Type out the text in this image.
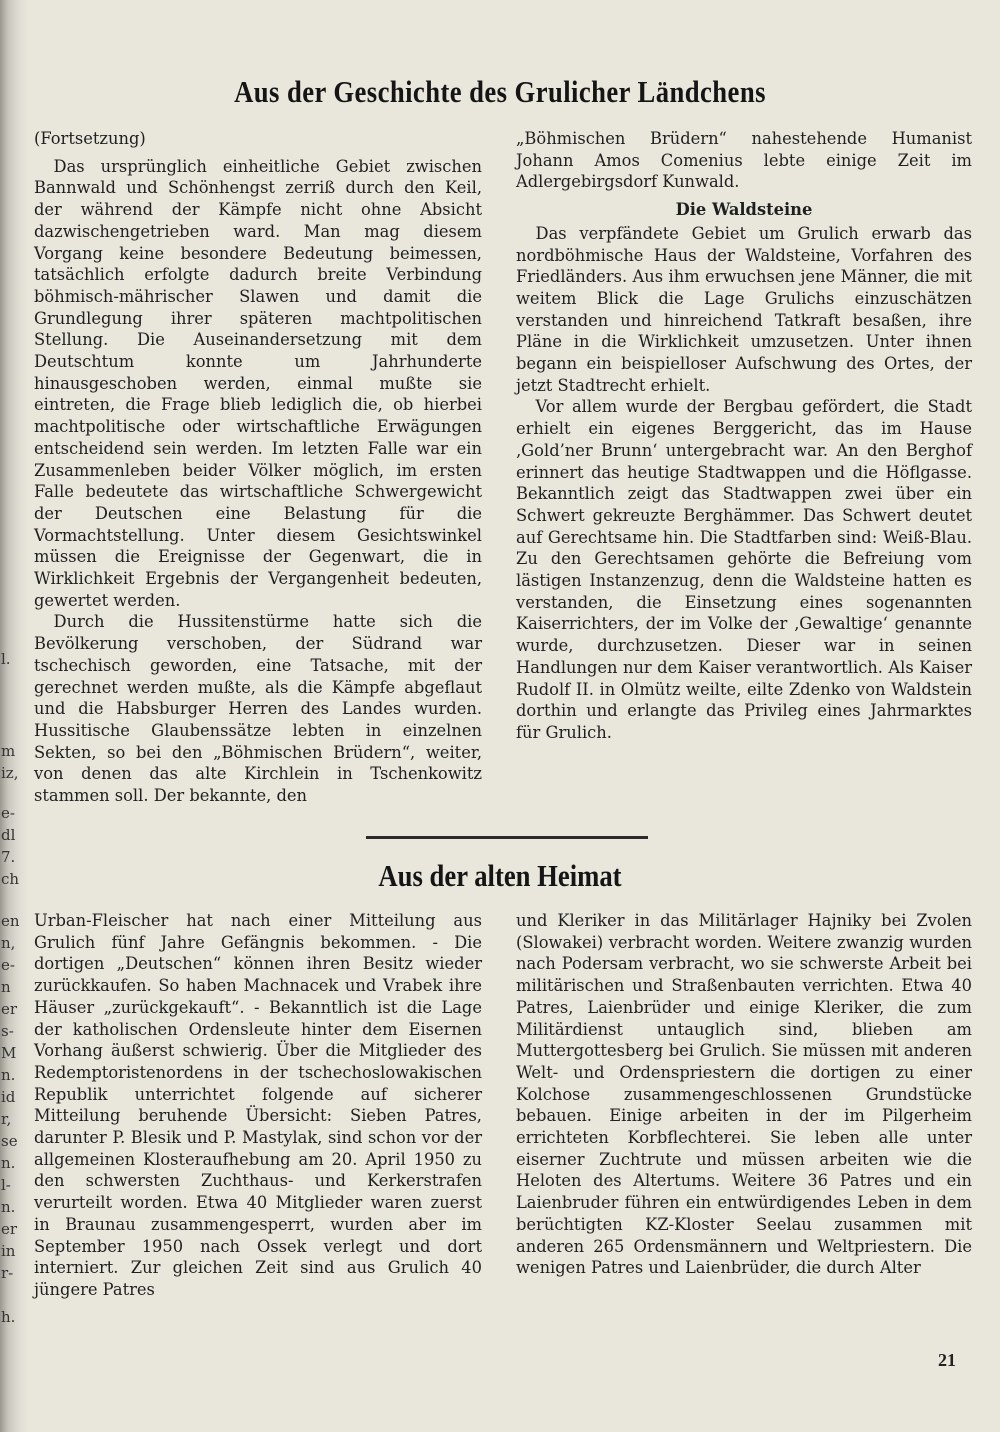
l.
m
iz,
e-
dl
7.
ch
en
n,
e-
n
er
s-
M
n.
id
r,
se
n.
l-
n.
er
in
r-
h.
Aus der Geschichte des Grulicher Ländchens

(Fortsetzung)

Das ursprünglich einheitliche Gebiet zwischen Bannwald und Schönhengst zerriß durch den Keil, der während der Kämpfe nicht ohne Absicht dazwischengetrieben ward. Man mag diesem Vorgang keine besondere Bedeutung beimessen, tatsächlich erfolgte dadurch breite Verbindung böhmisch-mährischer Slawen und damit die Grundlegung ihrer späteren machtpolitischen Stellung. Die Auseinandersetzung mit dem Deutschtum konnte um Jahrhunderte hinausgeschoben werden, einmal mußte sie eintreten, die Frage blieb lediglich die, ob hierbei machtpolitische oder wirtschaftliche Erwägungen entscheidend sein werden. Im letzten Falle war ein Zusammenleben beider Völker möglich, im ersten Falle bedeutete das wirtschaftliche Schwergewicht der Deutschen eine Belastung für die Vormachtstellung. Unter diesem Gesichtswinkel müssen die Ereignisse der Gegenwart, die in Wirklichkeit Ergebnis der Vergangenheit bedeuten, gewertet werden.

Durch die Hussitenstürme hatte sich die Bevölkerung verschoben, der Südrand war tschechisch geworden, eine Tatsache, mit der gerechnet werden mußte, als die Kämpfe abgeflaut und die Habsburger Herren des Landes wurden. Hussitische Glaubenssätze lebten in einzelnen Sekten, so bei den „Böhmischen Brüdern“, weiter, von denen das alte Kirchlein in Tschenkowitz stammen soll. Der bekannte, den

„Böhmischen Brüdern“ nahestehende Humanist Johann Amos Comenius lebte einige Zeit im Adlergebirgsdorf Kunwald.

Die Waldsteine

Das verpfändete Gebiet um Grulich erwarb das nordböhmische Haus der Waldsteine, Vorfahren des Friedländers. Aus ihm erwuchsen jene Männer, die mit weitem Blick die Lage Grulichs einzuschätzen verstanden und hinreichend Tatkraft besaßen, ihre Pläne in die Wirklichkeit umzusetzen. Unter ihnen begann ein beispielloser Aufschwung des Ortes, der jetzt Stadtrecht erhielt.

Vor allem wurde der Bergbau gefördert, die Stadt erhielt ein eigenes Berggericht, das im Hause ‚Gold’ner Brunn‘ untergebracht war. An den Berghof erinnert das heutige Stadtwappen und die Höflgasse. Bekanntlich zeigt das Stadtwappen zwei über ein Schwert gekreuzte Berghämmer. Das Schwert deutet auf Gerechtsame hin. Die Stadtfarben sind: Weiß-Blau. Zu den Gerechtsamen gehörte die Befreiung vom lästigen Instanzenzug, denn die Waldsteine hatten es verstanden, die Einsetzung eines sogenannten Kaiserrichters, der im Volke der ‚Gewaltige‘ genannte wurde, durchzusetzen. Dieser war in seinen Handlungen nur dem Kaiser verantwortlich. Als Kaiser Rudolf II. in Olmütz weilte, eilte Zdenko von Waldstein dorthin und erlangte das Privileg eines Jahrmarktes für Grulich.

Aus der alten Heimat

Urban-Fleischer hat nach einer Mitteilung aus Grulich fünf Jahre Gefängnis bekommen. - Die dortigen „Deutschen“ können ihren Besitz wieder zurückkaufen. So haben Machnacek und Vrabek ihre Häuser „zurückgekauft“. - Bekanntlich ist die Lage der katholischen Ordensleute hinter dem Eisernen Vorhang äußerst schwierig. Über die Mitglieder des Redemptoristenordens in der tschechoslowakischen Republik unterrichtet folgende auf sicherer Mitteilung beruhende Übersicht: Sieben Patres, darunter P. Blesik und P. Mastylak, sind schon vor der allgemeinen Klosteraufhebung am 20. April 1950 zu den schwersten Zuchthaus- und Kerkerstrafen verurteilt worden. Etwa 40 Mitglieder waren zuerst in Braunau zusammengesperrt, wurden aber im September 1950 nach Ossek verlegt und dort interniert. Zur gleichen Zeit sind aus Grulich 40 jüngere Patres

und Kleriker in das Militärlager Hajniky bei Zvolen (Slowakei) verbracht worden. Weitere zwanzig wurden nach Podersam verbracht, wo sie schwerste Arbeit bei militärischen und Straßenbauten verrichten. Etwa 40 Patres, Laienbrüder und einige Kleriker, die zum Militärdienst untauglich sind, blieben am Muttergottesberg bei Grulich. Sie müssen mit anderen Welt- und Ordenspriestern die dortigen zu einer Kolchose zusammengeschlossenen Grundstücke bebauen. Einige arbeiten in der im Pilgerheim errichteten Korbflechterei. Sie leben alle unter eiserner Zuchtrute und müssen arbeiten wie die Heloten des Altertums. Weitere 36 Patres und ein Laienbruder führen ein entwürdigendes Leben in dem berüchtigten KZ-Kloster Seelau zusammen mit anderen 265 Ordensmännern und Weltpriestern. Die wenigen Patres und Laienbrüder, die durch Alter

21
